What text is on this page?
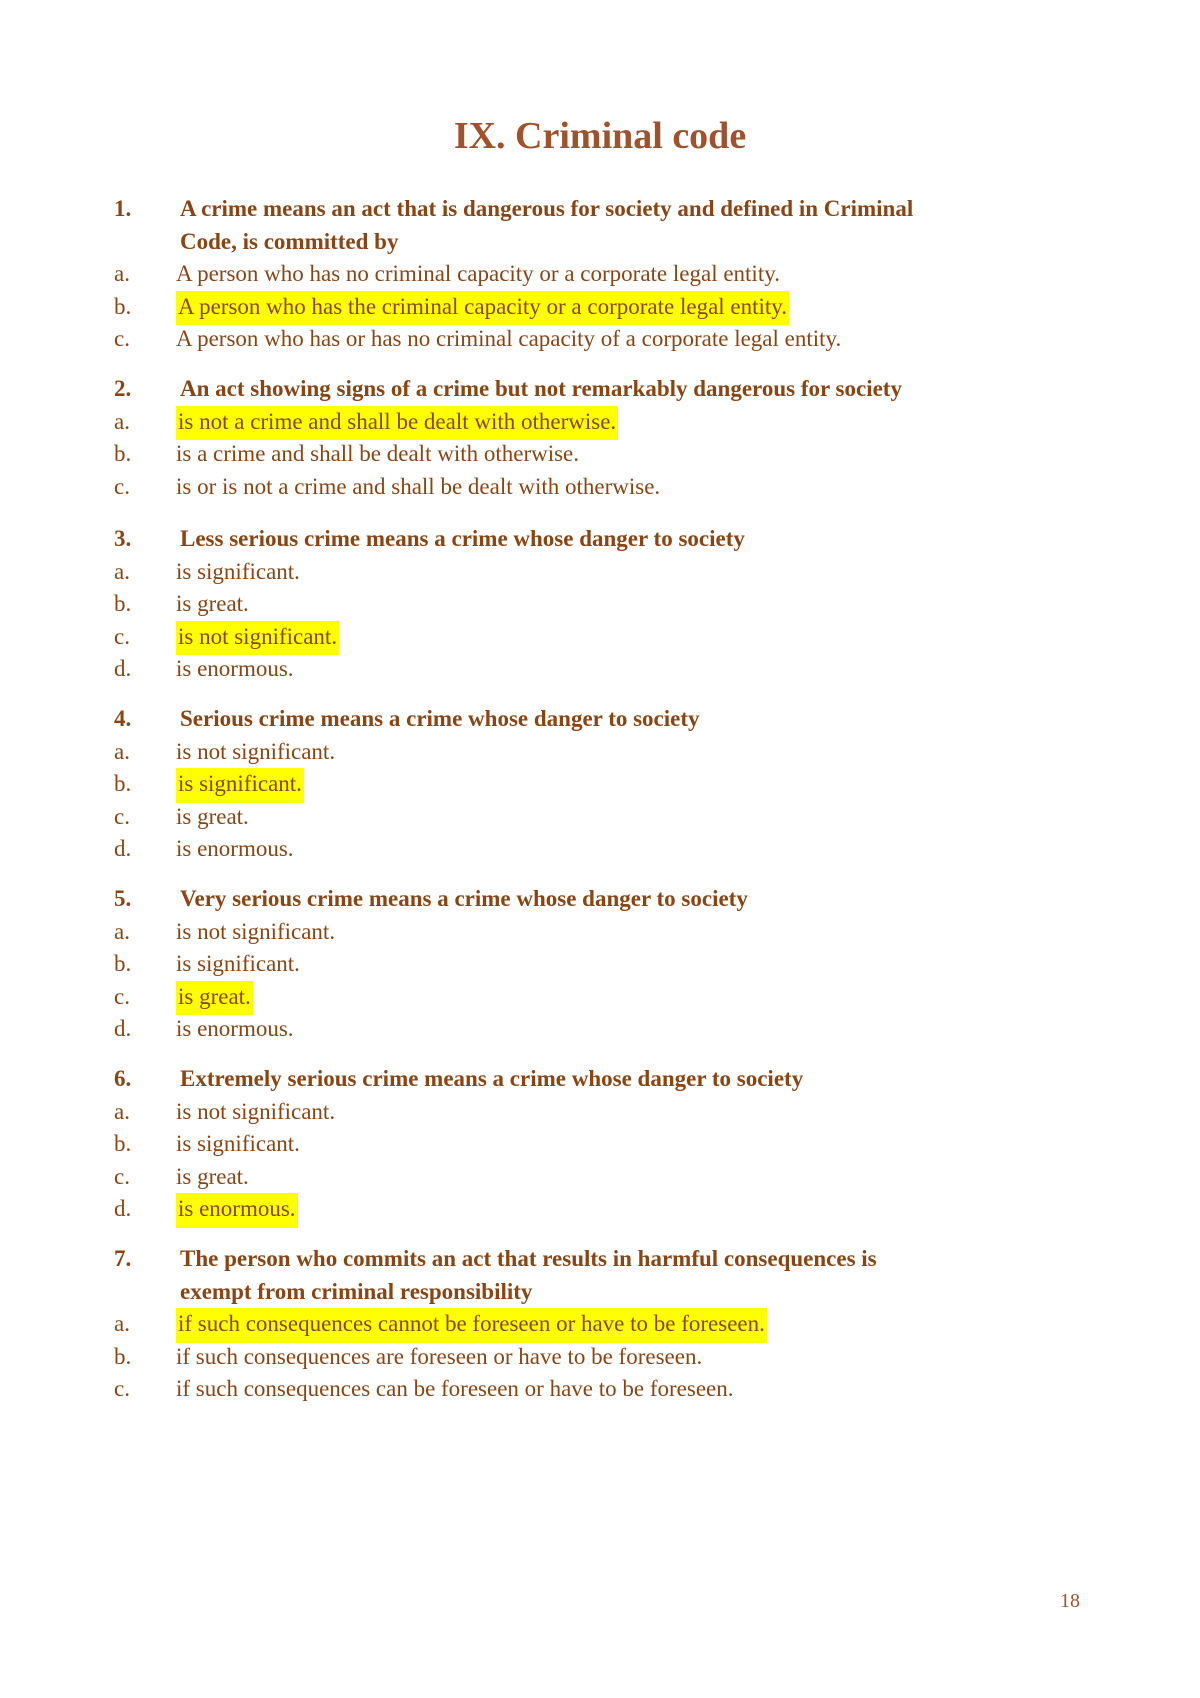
IX. Criminal code
1. A crime means an act that is dangerous for society and defined in Criminal
Code, is committed by
a. A person who has no criminal capacity or a corporate legal entity.
b. A person who has the criminal capacity or a corporate legal entity.
c. A person who has or has no criminal capacity of a corporate legal entity.
2. An act showing signs of a crime but not remarkably dangerous for society
a. is not a crime and shall be dealt with otherwise.
b. is a crime and shall be dealt with otherwise.
c. is or is not a crime and shall be dealt with otherwise.
3. Less serious crime means a crime whose danger to society
a. is significant.
b. is great.
c. is not significant.
d. is enormous.
4. Serious crime means a crime whose danger to society
a. is not significant.
b. is significant.
c. is great.
d. is enormous.
5. Very serious crime means a crime whose danger to society
a. is not significant.
b. is significant.
c. is great.
d. is enormous.
6. Extremely serious crime means a crime whose danger to society
a. is not significant.
b. is significant.
c. is great.
d. is enormous.
7. The person who commits an act that results in harmful consequences is
exempt from criminal responsibility
a. if such consequences cannot be foreseen or have to be foreseen.
b. if such consequences are foreseen or have to be foreseen.
c. if such consequences can be foreseen or have to be foreseen.
18
